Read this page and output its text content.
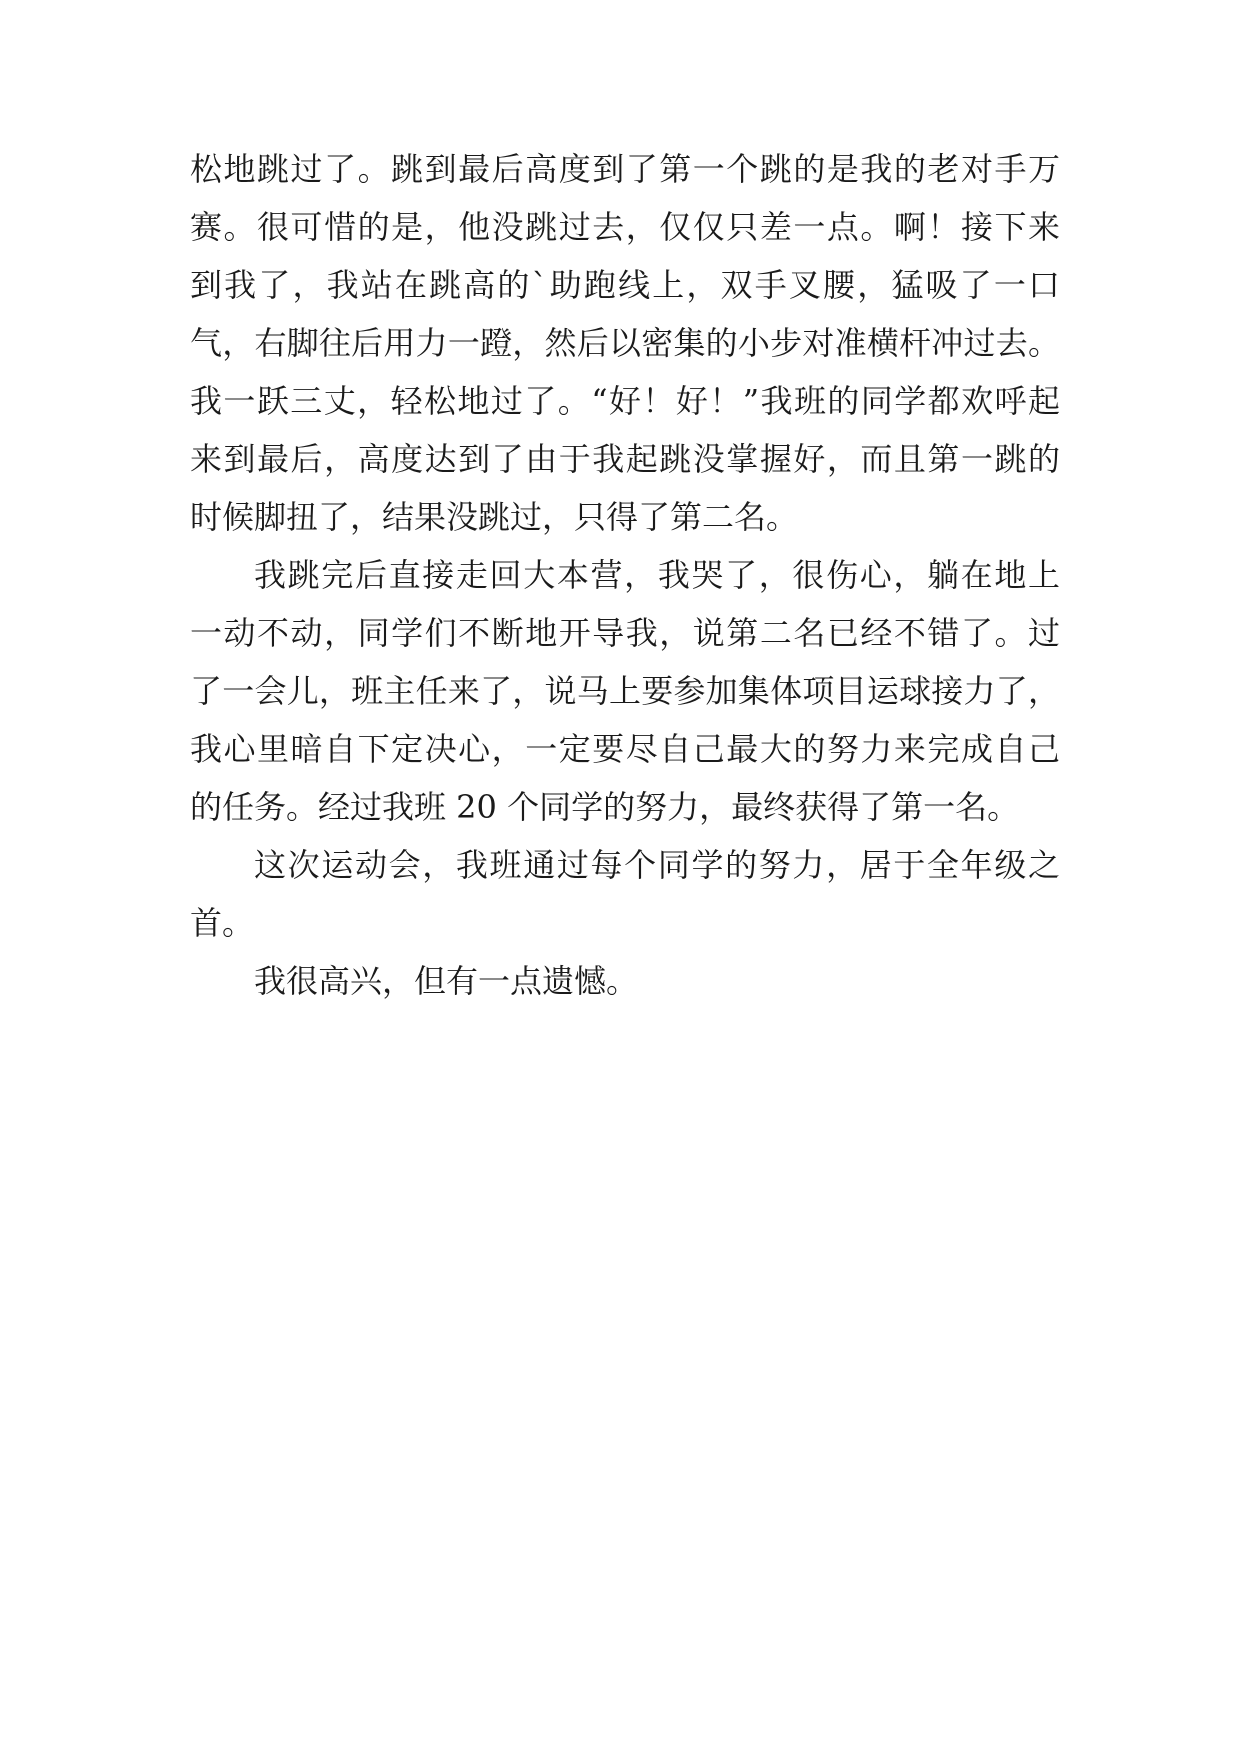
松地跳过了。跳到最后高度到了第一个跳的是我的老对手万
赛。很可惜的是，他没跳过去，仅仅只差一点。啊！接下来
到我了，我站在跳高的`助跑线上，双手叉腰，猛吸了一口
气，右脚往后用力一蹬，然后以密集的小步对准横杆冲过去。
我一跃三丈，轻松地过了。“好！好！”我班的同学都欢呼起
来到最后，高度达到了由于我起跳没掌握好，而且第一跳的
时候脚扭了，结果没跳过，只得了第二名。
我跳完后直接走回大本营，我哭了，很伤心，躺在地上
一动不动，同学们不断地开导我，说第二名已经不错了。过
了一会儿，班主任来了，说马上要参加集体项目运球接力了，
我心里暗自下定决心，一定要尽自己最大的努力来完成自己
的任务。经过我班 20 个同学的努力，最终获得了第一名。
这次运动会，我班通过每个同学的努力，居于全年级之
首。
我很高兴，但有一点遗憾。
